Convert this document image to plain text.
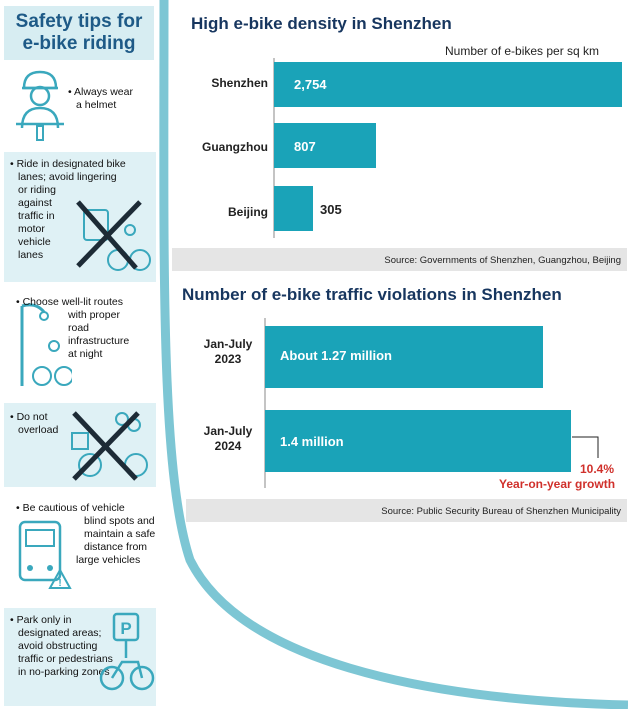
Safety tips for
e-bike riding
• Always wear
a helmet
• Ride in designated bike
lanes; avoid lingering
or riding
against
traffic in
motor
vehicle
lanes
• Choose well-lit routes
with proper
road
infrastructure
at night
• Do not
overload
• Be cautious of vehicle
blind spots and
maintain a safe
distance from
large vehicles
!
• Park only in
designated areas;
avoid obstructing
traffic or pedestrians
in no-parking zones
P
High e-bike density in Shenzhen
Number of e-bikes per sq km
Shenzhen
Guangzhou
Beijing
2,754
807
305
Source: Governments of Shenzhen, Guangzhou, Beijing
Number of e-bike traffic violations in Shenzhen
Jan-July
2023
Jan-July
2024
About 1.27 million
1.4 million
10.4%
Year-on-year growth
Source: Public Security Bureau of Shenzhen Municipality
